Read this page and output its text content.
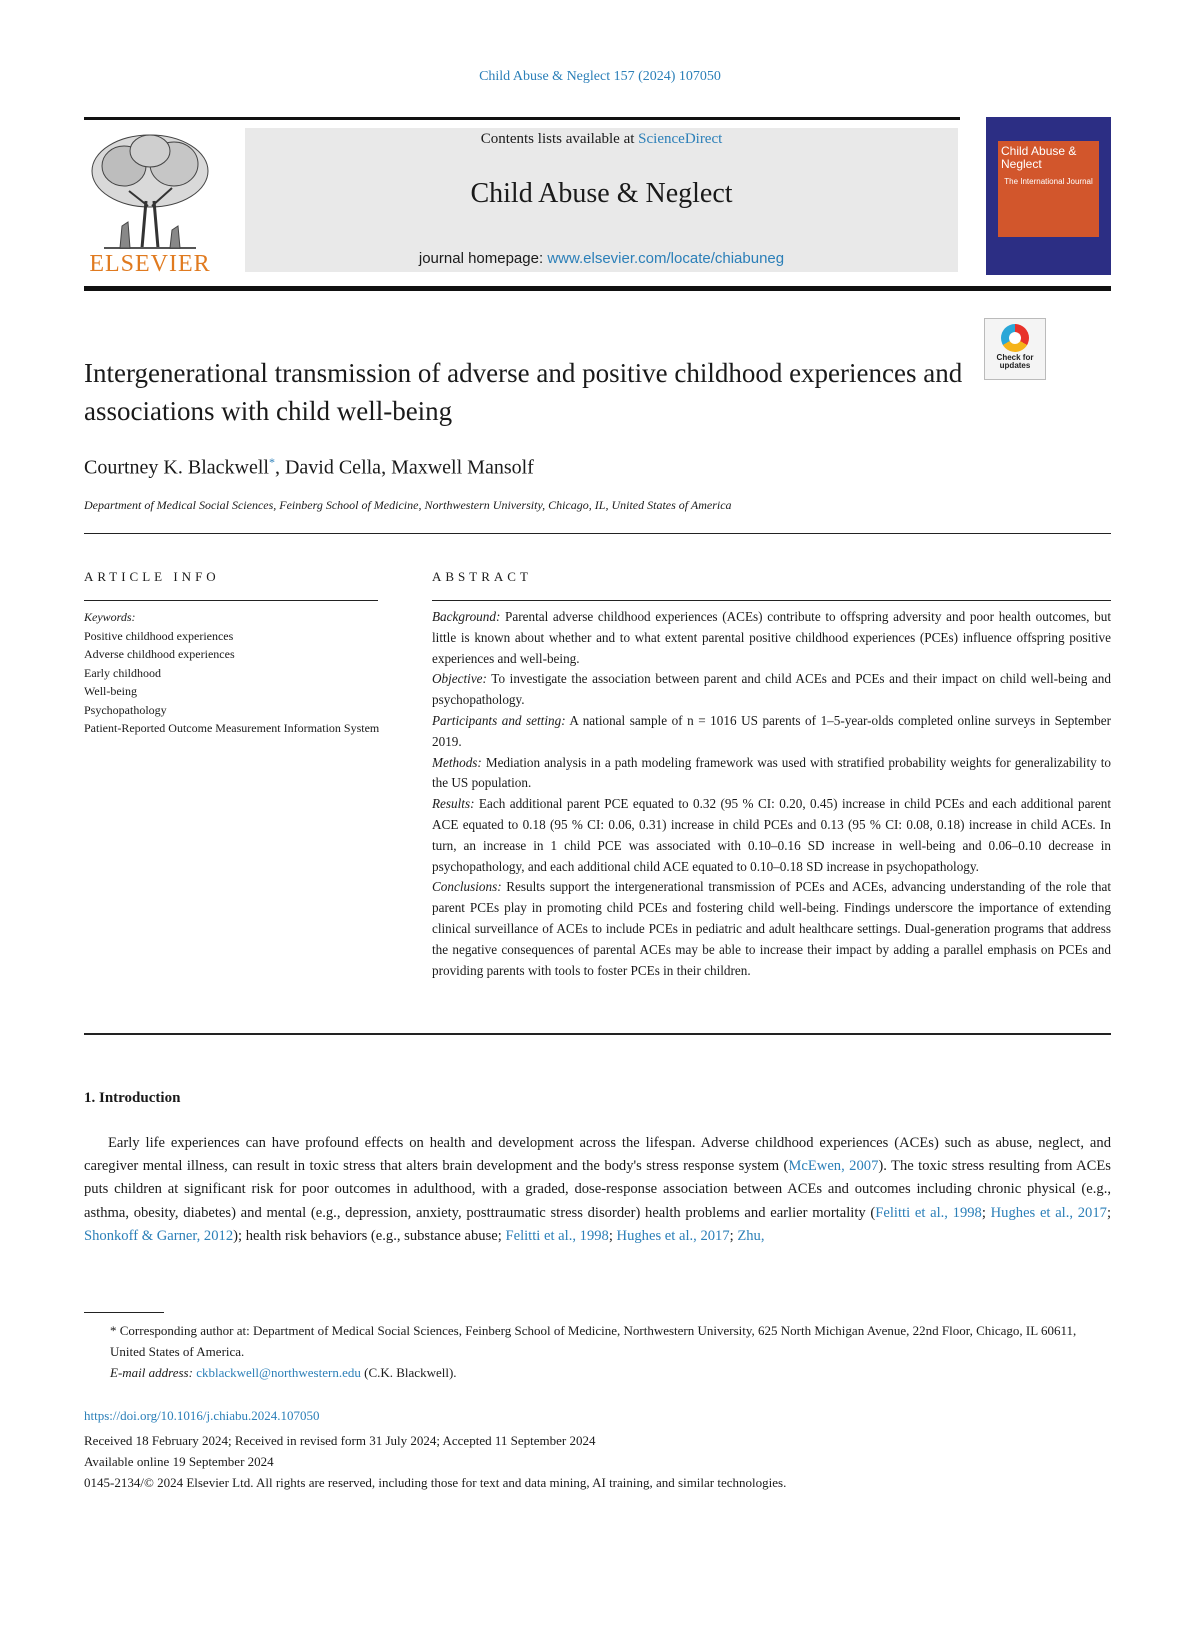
Child Abuse & Neglect 157 (2024) 107050
ELSEVIER
Contents lists available at ScienceDirect
Child Abuse & Neglect
journal homepage: www.elsevier.com/locate/chiabuneg
Child Abuse & Neglect
The International Journal
Check for updates
Intergenerational transmission of adverse and positive childhood experiences and associations with child well-being
Courtney K. Blackwell*, David Cella, Maxwell Mansolf
Department of Medical Social Sciences, Feinberg School of Medicine, Northwestern University, Chicago, IL, United States of America
ARTICLE INFO
Keywords:
Positive childhood experiences
Adverse childhood experiences
Early childhood
Well-being
Psychopathology
Patient-Reported Outcome Measurement Information System
ABSTRACT

Background: Parental adverse childhood experiences (ACEs) contribute to offspring adversity and poor health outcomes, but little is known about whether and to what extent parental positive childhood experiences (PCEs) influence offspring positive experiences and well-being.

Objective: To investigate the association between parent and child ACEs and PCEs and their impact on child well-being and psychopathology.

Participants and setting: A national sample of n = 1016 US parents of 1–5-year-olds completed online surveys in September 2019.

Methods: Mediation analysis in a path modeling framework was used with stratified probability weights for generalizability to the US population.

Results: Each additional parent PCE equated to 0.32 (95 % CI: 0.20, 0.45) increase in child PCEs and each additional parent ACE equated to 0.18 (95 % CI: 0.06, 0.31) increase in child PCEs and 0.13 (95 % CI: 0.08, 0.18) increase in child ACEs. In turn, an increase in 1 child PCE was associated with 0.10–0.16 SD increase in well-being and 0.06–0.10 decrease in psychopathology, and each additional child ACE equated to 0.10–0.18 SD increase in psychopathology.

Conclusions: Results support the intergenerational transmission of PCEs and ACEs, advancing understanding of the role that parent PCEs play in promoting child PCEs and fostering child well-being. Findings underscore the importance of extending clinical surveillance of ACEs to include PCEs in pediatric and adult healthcare settings. Dual-generation programs that address the negative consequences of parental ACEs may be able to increase their impact by adding a parallel emphasis on PCEs and providing parents with tools to foster PCEs in their children.

1. Introduction
Early life experiences can have profound effects on health and development across the lifespan. Adverse childhood experiences (ACEs) such as abuse, neglect, and caregiver mental illness, can result in toxic stress that alters brain development and the body's stress response system (McEwen, 2007). The toxic stress resulting from ACEs puts children at significant risk for poor outcomes in adulthood, with a graded, dose-response association between ACEs and outcomes including chronic physical (e.g., asthma, obesity, diabetes) and mental (e.g., depression, anxiety, posttraumatic stress disorder) health problems and earlier mortality (Felitti et al., 1998; Hughes et al., 2017; Shonkoff & Garner, 2012); health risk behaviors (e.g., substance abuse; Felitti et al., 1998; Hughes et al., 2017; Zhu,

* Corresponding author at: Department of Medical Social Sciences, Feinberg School of Medicine, Northwestern University, 625 North Michigan Avenue, 22nd Floor, Chicago, IL 60611, United States of America.

E-mail address: ckblackwell@northwestern.edu (C.K. Blackwell).

https://doi.org/10.1016/j.chiabu.2024.107050
Received 18 February 2024; Received in revised form 31 July 2024; Accepted 11 September 2024
Available online 19 September 2024
0145-2134/© 2024 Elsevier Ltd. All rights are reserved, including those for text and data mining, AI training, and similar technologies.
